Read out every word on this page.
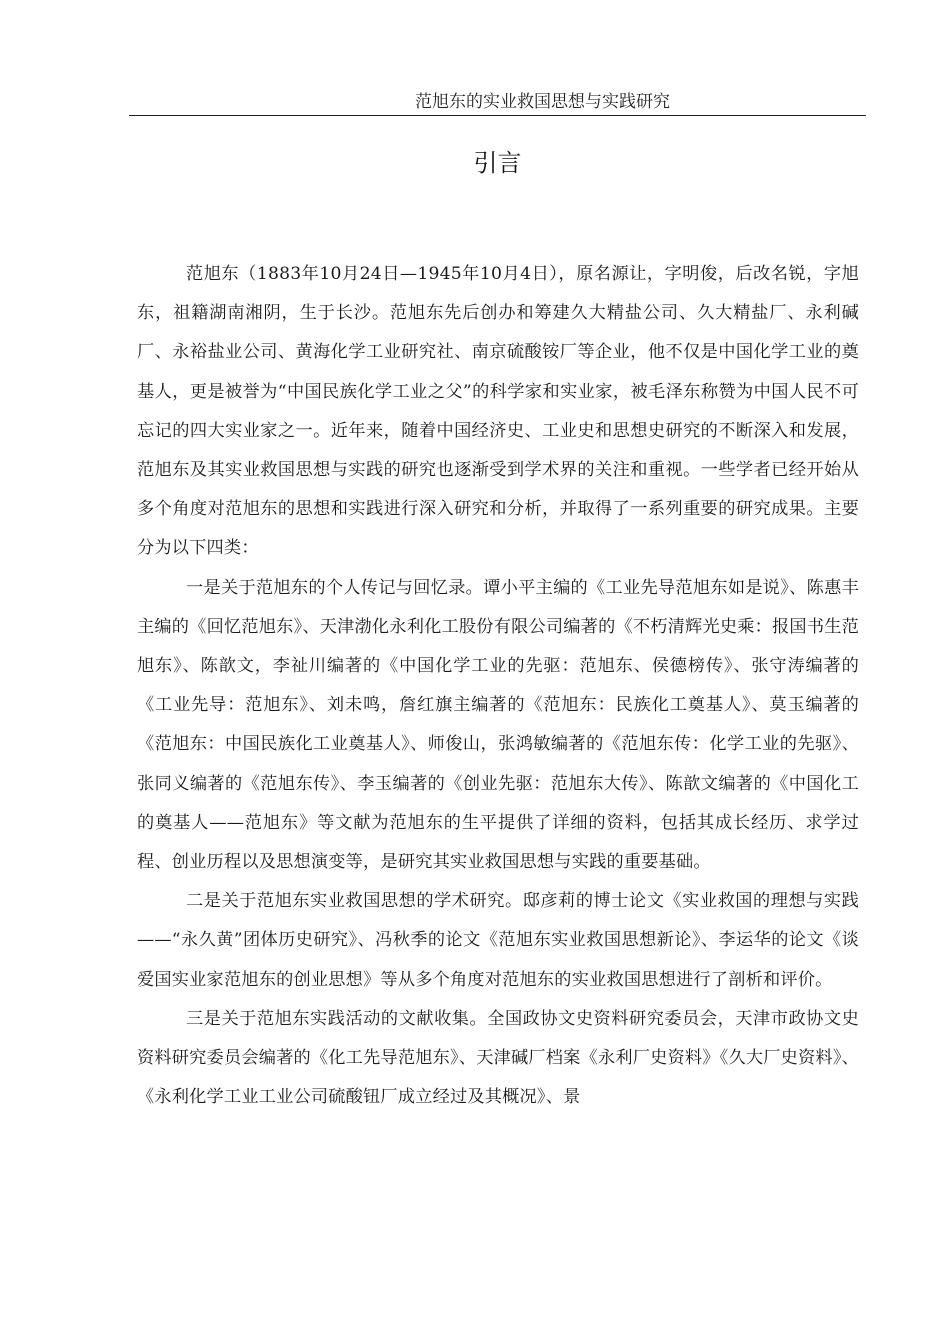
范旭东的实业救国思想与实践研究
引言

范旭东（1883年10月24日—1945年10月4日），原名源让，字明俊，后改名锐，字旭东，祖籍湖南湘阴，生于长沙。范旭东先后创办和筹建久大精盐公司、久大精盐厂、永利碱厂、永裕盐业公司、黄海化学工业研究社、南京硫酸铵厂等企业，他不仅是中国化学工业的奠基人，更是被誉为“中国民族化学工业之父”的科学家和实业家，被毛泽东称赞为中国人民不可忘记的四大实业家之一。近年来，随着中国经济史、工业史和思想史研究的不断深入和发展，范旭东及其实业救国思想与实践的研究也逐渐受到学术界的关注和重视。一些学者已经开始从多个角度对范旭东的思想和实践进行深入研究和分析，并取得了一系列重要的研究成果。主要分为以下四类：

一是关于范旭东的个人传记与回忆录。谭小平主编的《工业先导范旭东如是说》、陈惠丰主编的《回忆范旭东》、天津渤化永利化工股份有限公司编著的《不朽清辉光史乘：报国书生范旭东》、陈歆文，李祉川编著的《中国化学工业的先驱：范旭东、侯德榜传》、张守涛编著的《工业先导：范旭东》、刘未鸣，詹红旗主编著的《范旭东：民族化工奠基人》、莫玉编著的《范旭东：中国民族化工业奠基人》、师俊山，张鸿敏编著的《范旭东传：化学工业的先驱》、张同义编著的《范旭东传》、李玉编著的《创业先驱：范旭东大传》、陈歆文编著的《中国化工的奠基人——范旭东》等文献为范旭东的生平提供了详细的资料，包括其成长经历、求学过程、创业历程以及思想演变等，是研究其实业救国思想与实践的重要基础。

二是关于范旭东实业救国思想的学术研究。邸彦莉的博士论文《实业救国的理想与实践——“永久黄”团体历史研究》、冯秋季的论文《范旭东实业救国思想新论》、李运华的论文《谈爱国实业家范旭东的创业思想》等从多个角度对范旭东的实业救国思想进行了剖析和评价。

三是关于范旭东实践活动的文献收集。全国政协文史资料研究委员会，天津市政协文史资料研究委员会编著的《化工先导范旭东》、天津碱厂档案《永利厂史资料》《久大厂史资料》、《永利化学工业工业公司硫酸钮厂成立经过及其概况》、景
